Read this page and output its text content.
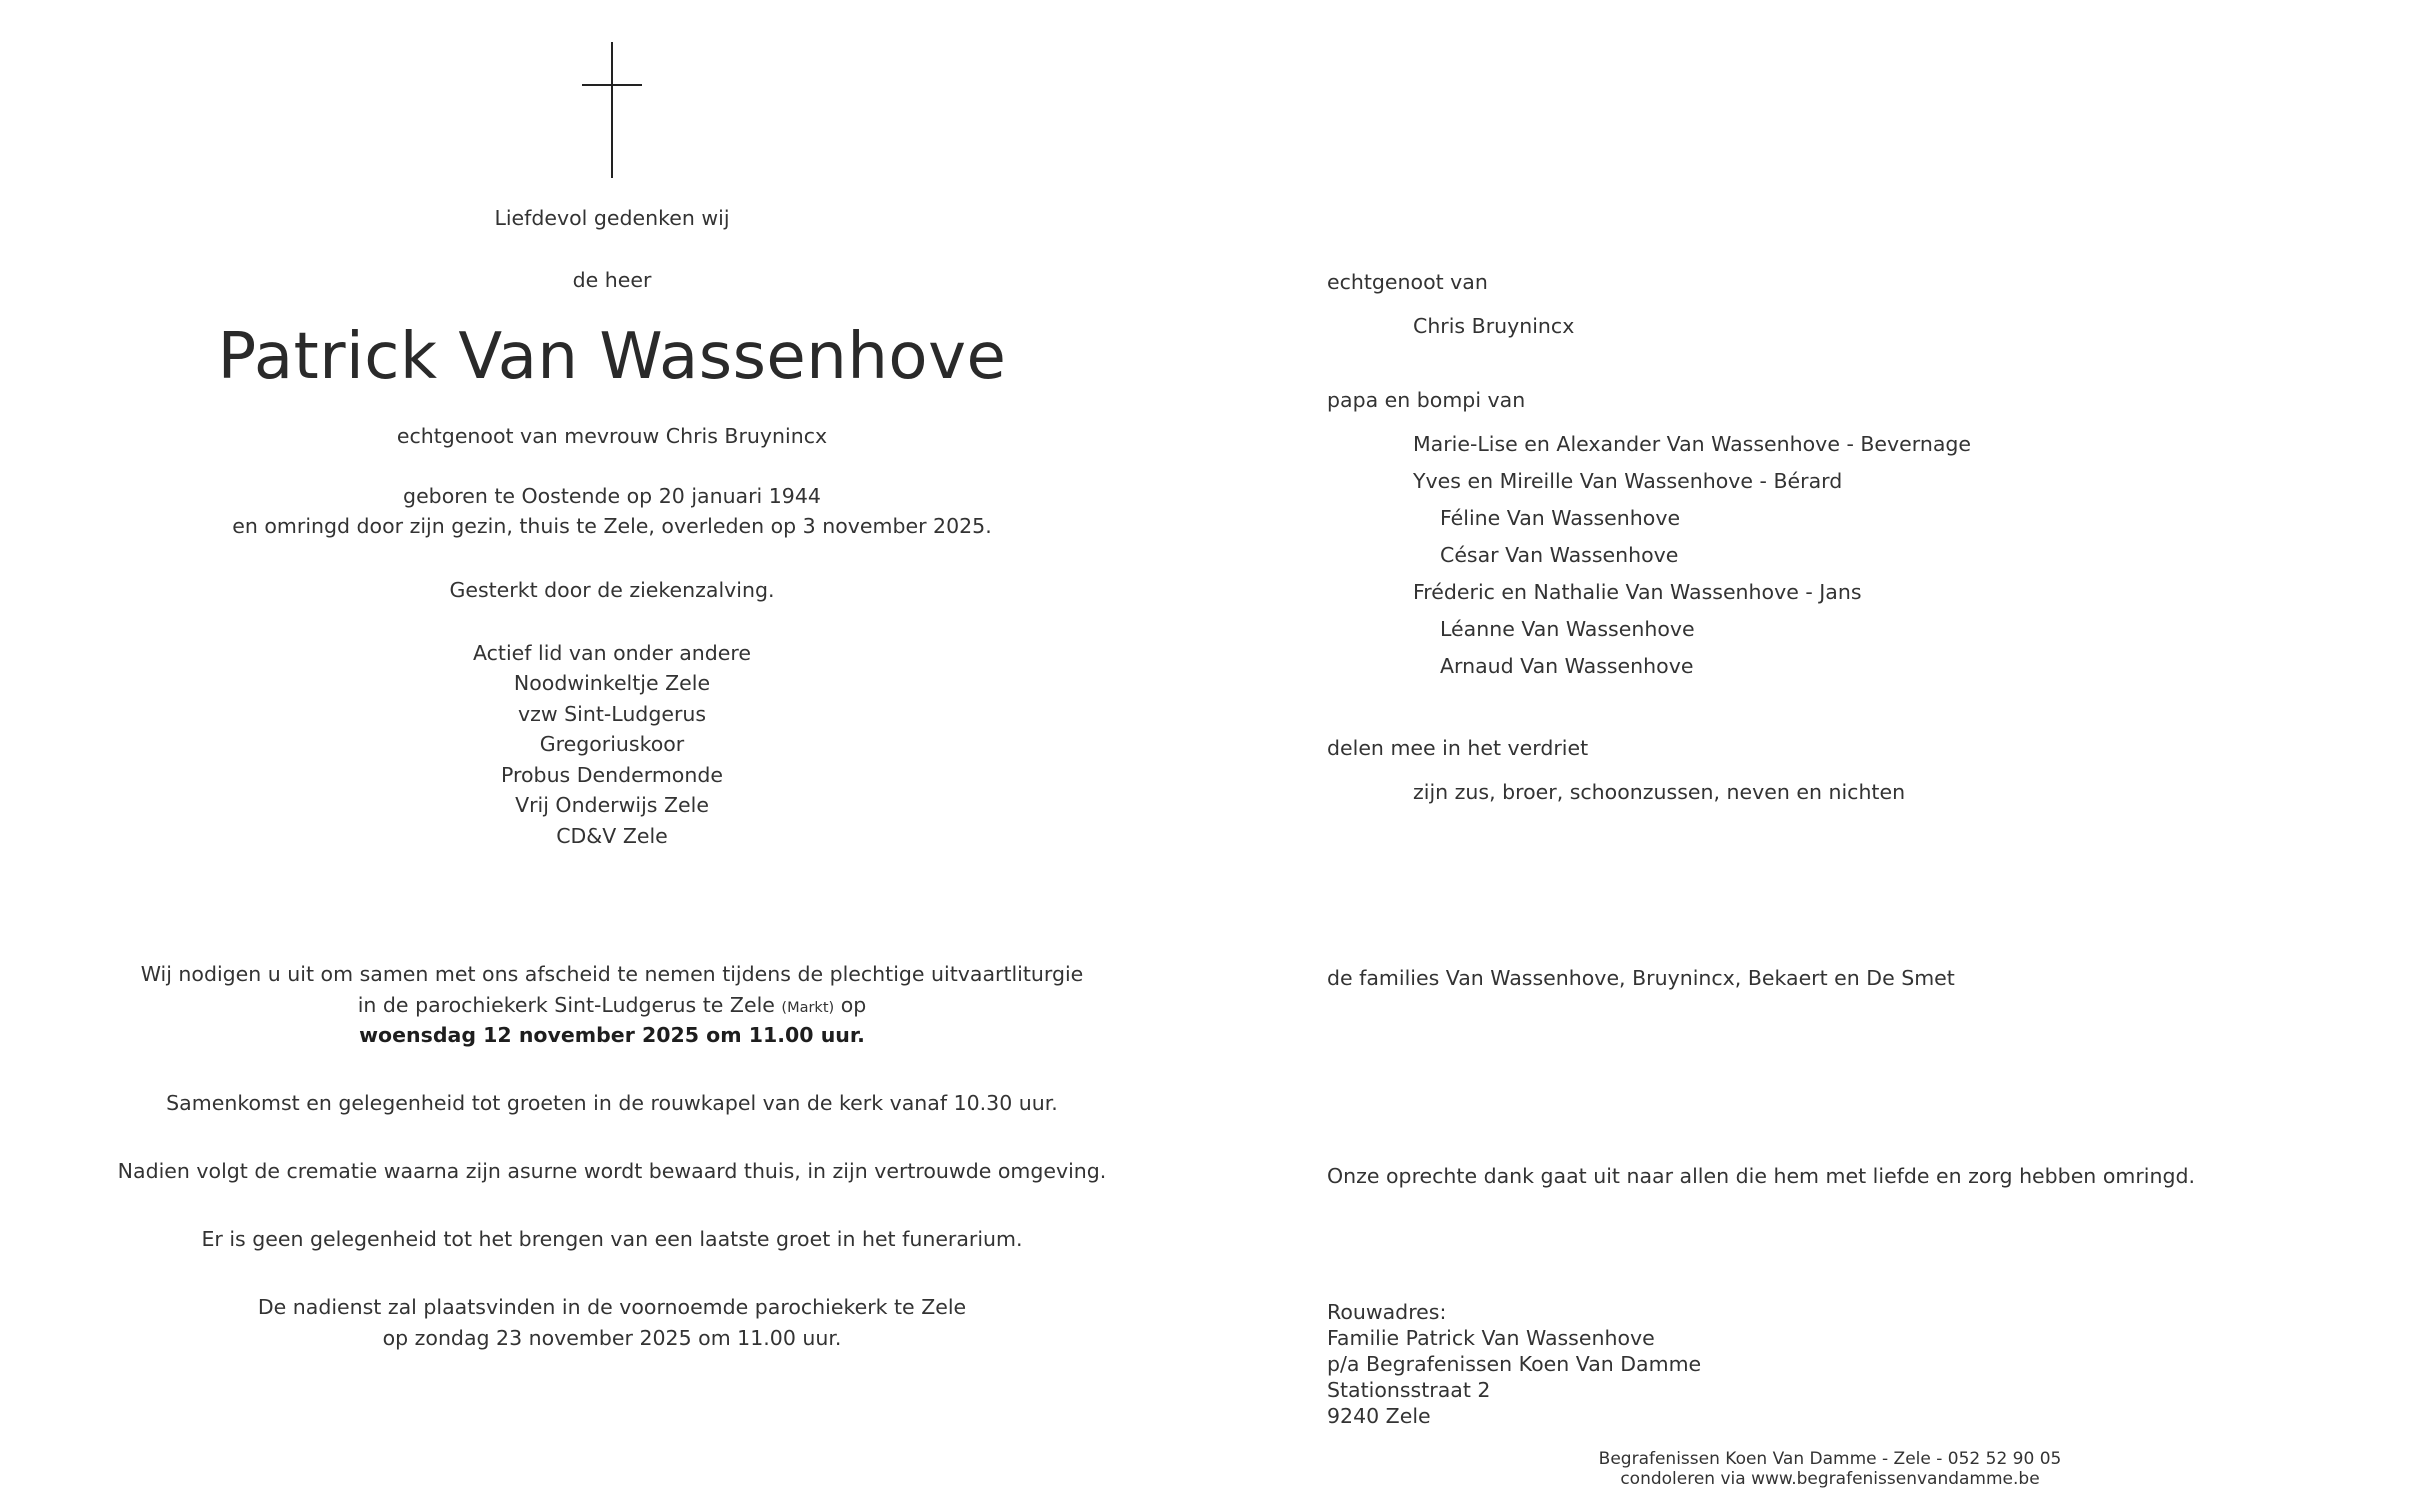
Liefdevol gedenken wij
de heer
Patrick Van Wassenhove
echtgenoot van mevrouw Chris Bruynincx
geboren te Oostende op 20 januari 1944
en omringd door zijn gezin, thuis te Zele, overleden op 3 november 2025.
Gesterkt door de ziekenzalving.
Actief lid van onder andere
Noodwinkeltje Zele
vzw Sint-Ludgerus
Gregoriuskoor
Probus Dendermonde
Vrij Onderwijs Zele
CD&V Zele
Wij nodigen u uit om samen met ons afscheid te nemen tijdens de plechtige uitvaartliturgie
in de parochiekerk Sint-Ludgerus te Zele (Markt) op
woensdag 12 november 2025 om 11.00 uur.
Samenkomst en gelegenheid tot groeten in de rouwkapel van de kerk vanaf 10.30 uur.
Nadien volgt de crematie waarna zijn asurne wordt bewaard thuis, in zijn vertrouwde omgeving.
Er is geen gelegenheid tot het brengen van een laatste groet in het funerarium.
De nadienst zal plaatsvinden in de voornoemde parochiekerk te Zele
op zondag 23 november 2025 om 11.00 uur.
echtgenoot van
Chris Bruynincx
papa en bompi van
Marie-Lise en Alexander Van Wassenhove - Bevernage
Yves en Mireille Van Wassenhove - Bérard
Féline Van Wassenhove
César Van Wassenhove
Fréderic en Nathalie Van Wassenhove - Jans
Léanne Van Wassenhove
Arnaud Van Wassenhove
delen mee in het verdriet
zijn zus, broer, schoonzussen, neven en nichten
de families Van Wassenhove, Bruynincx, Bekaert en De Smet
Onze oprechte dank gaat uit naar allen die hem met liefde en zorg hebben omringd.
Rouwadres:
Familie Patrick Van Wassenhove
p/a Begrafenissen Koen Van Damme
Stationsstraat 2
9240 Zele
Begrafenissen Koen Van Damme - Zele - 052 52 90 05
condoleren via www.begrafenissenvandamme.be
